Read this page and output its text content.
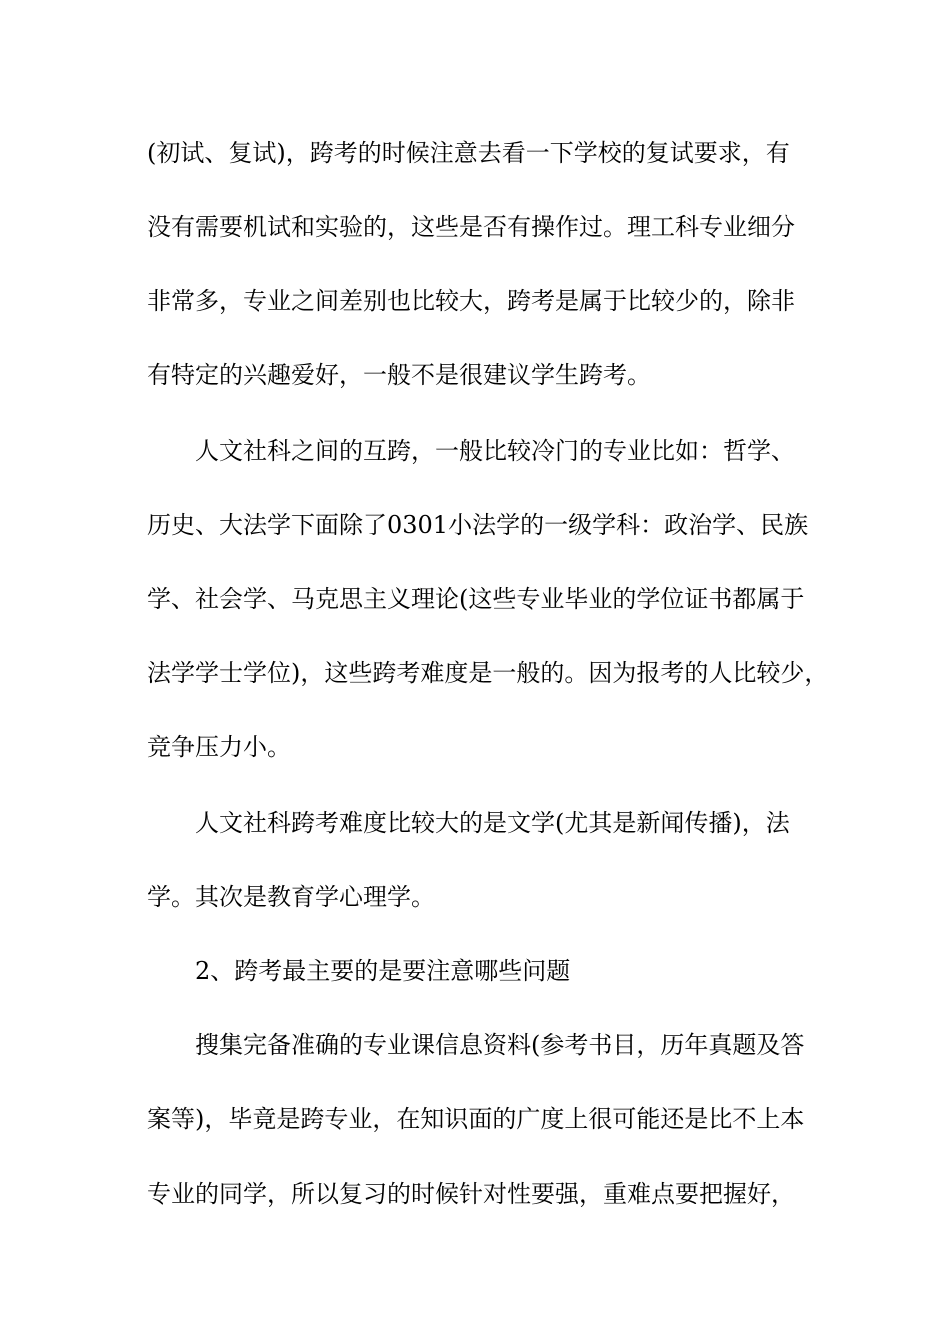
(初试、复试)，跨考的时候注意去看一下学校的复试要求，有
没有需要机试和实验的，这些是否有操作过。理工科专业细分
非常多，专业之间差别也比较大，跨考是属于比较少的，除非
有特定的兴趣爱好，一般不是很建议学生跨考。
人文社科之间的互跨，一般比较冷门的专业比如：哲学、
历史、大法学下面除了0301小法学的一级学科：政治学、民族
学、社会学、马克思主义理论(这些专业毕业的学位证书都属于
法学学士学位)，这些跨考难度是一般的。因为报考的人比较少，
竞争压力小。
人文社科跨考难度比较大的是文学(尤其是新闻传播)，法
学。其次是教育学心理学。
2、跨考最主要的是要注意哪些问题
搜集完备准确的专业课信息资料(参考书目，历年真题及答
案等)，毕竟是跨专业，在知识面的广度上很可能还是比不上本
专业的同学，所以复习的时候针对性要强，重难点要把握好，
